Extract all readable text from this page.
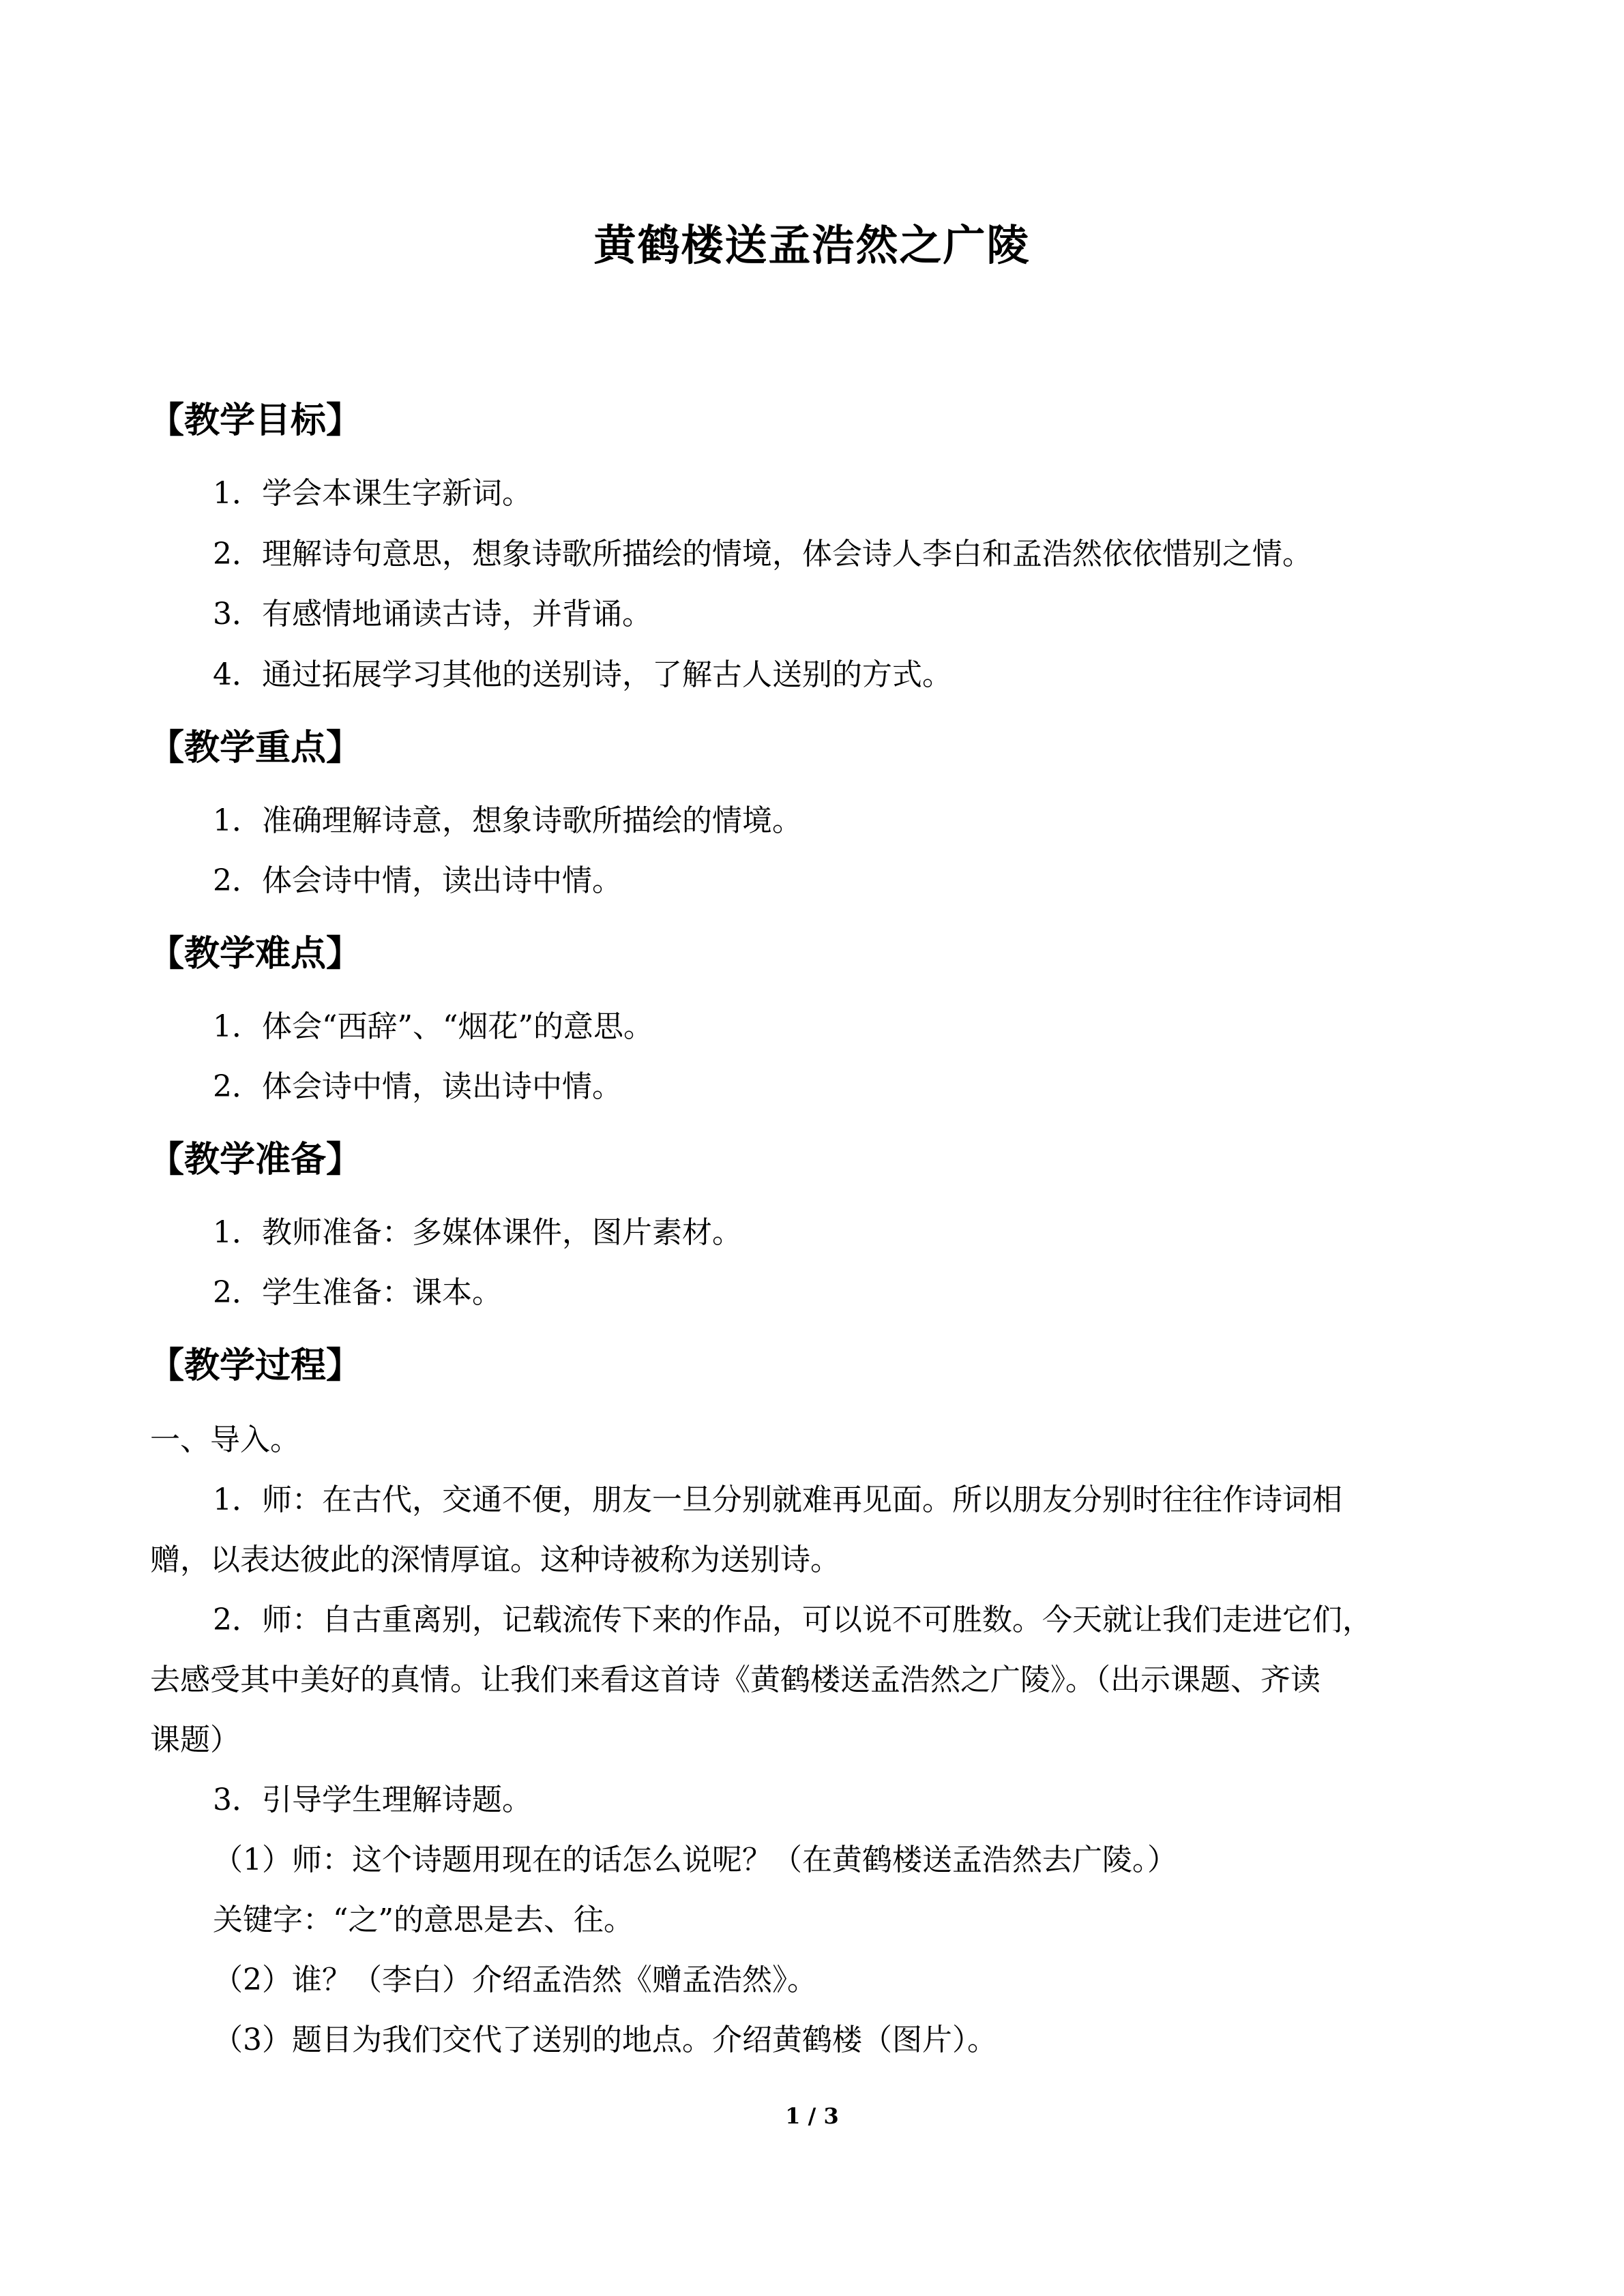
黄鹤楼送孟浩然之广陵
【教学目标】
1．学会本课生字新词。
2．理解诗句意思，想象诗歌所描绘的情境，体会诗人李白和孟浩然依依惜别之情。
3．有感情地诵读古诗，并背诵。
4．通过拓展学习其他的送别诗，了解古人送别的方式。
【教学重点】
1．准确理解诗意，想象诗歌所描绘的情境。
2．体会诗中情，读出诗中情。
【教学难点】
1．体会“西辞”、“烟花”的意思。
2．体会诗中情，读出诗中情。
【教学准备】
1．教师准备：多媒体课件，图片素材。
2．学生准备：课本。
【教学过程】
一、导入。
1．师：在古代，交通不便，朋友一旦分别就难再见面。所以朋友分别时往往作诗词相
赠，以表达彼此的深情厚谊。这种诗被称为送别诗。
2．师：自古重离别，记载流传下来的作品，可以说不可胜数。今天就让我们走进它们，
去感受其中美好的真情。让我们来看这首诗《黄鹤楼送孟浩然之广陵》。（出示课题、齐读
课题）
3．引导学生理解诗题。
（1）师：这个诗题用现在的话怎么说呢？（在黄鹤楼送孟浩然去广陵。）
关键字：“之”的意思是去、往。
（2）谁？（李白）介绍孟浩然《赠孟浩然》。
（3）题目为我们交代了送别的地点。介绍黄鹤楼（图片）。
1 / 3
